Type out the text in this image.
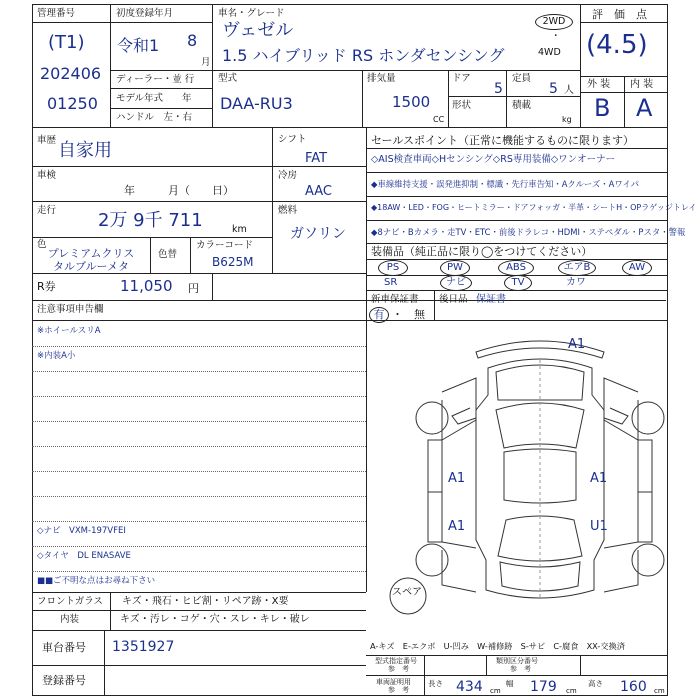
管理番号
(T1)
202406
01250
初度登録年月
令和1 8
月
車名・グレード
ヴェゼル
1.5 ハイブリッド RS ホンダセンシング
2WD
・
4WD
評　価　点
(4.5)
外 装 内 装
B A
ディーラー・並 行
モデル年式　　年
ハンドル　左・右
型式
DAA-RU3
排気量
1500
CC
ドア
5
定員
5 人
形状	積載
kg
車歴 自家用
車検
年　　　月（　　日）
走行 2万 9千 711	km
色
プレミアムクリスタルブルーメタ
色替
カラーコード
B625M
シフト
FAT
冷房
AAC
燃料
ガソリン
R券	11,050 円
セールスポイント（正常に機能するものに限ります）
◇AIS検査車両◇Hセンシング◇RS専用装備◇ワンオーナー
◆車線維持支援・誤発進抑制・標識・先行車告知・Aクルーズ・Aワイパ
◆18AW・LED・FOG・ヒートミラー・ドアフォッガ・半革・シートH・OPラゲッジトレイ
◆8ナビ・Bカメラ・走TV・ETC・前後ドラレコ・HDMI・ステペダル・Pスタ・警報
装備品（純正品に限り◯をつけてください）
PS	PW	ABS	エアB	AW
SR	ナビ	TV	カワ
新車保証書 後日品 保証書
有 ・　無
注意事項申告欄
※ホイールスリA
※内装A小
◇ナビ　VXM-197VFEI
◇タイヤ　DL ENASAVE
■■ご不明な点はお尋ね下さい
A1
A1	A1
A1	U1
スペア
フロントガラス キズ・飛石・ヒビ割・リペア跡・X要
内装	キズ・汚レ・コゲ・穴・スレ・キレ・破レ
車台番号 1351927
登録番号
A-キズ　E-エクボ　U-凹み　W-補修跡　S-サビ　C-腐食　XX-交換済
型式指定番号
参　考
類別区分番号
参　考
車両証明用
参　考
長さ 434 cm
幅 179 cm
高さ 160 cm
